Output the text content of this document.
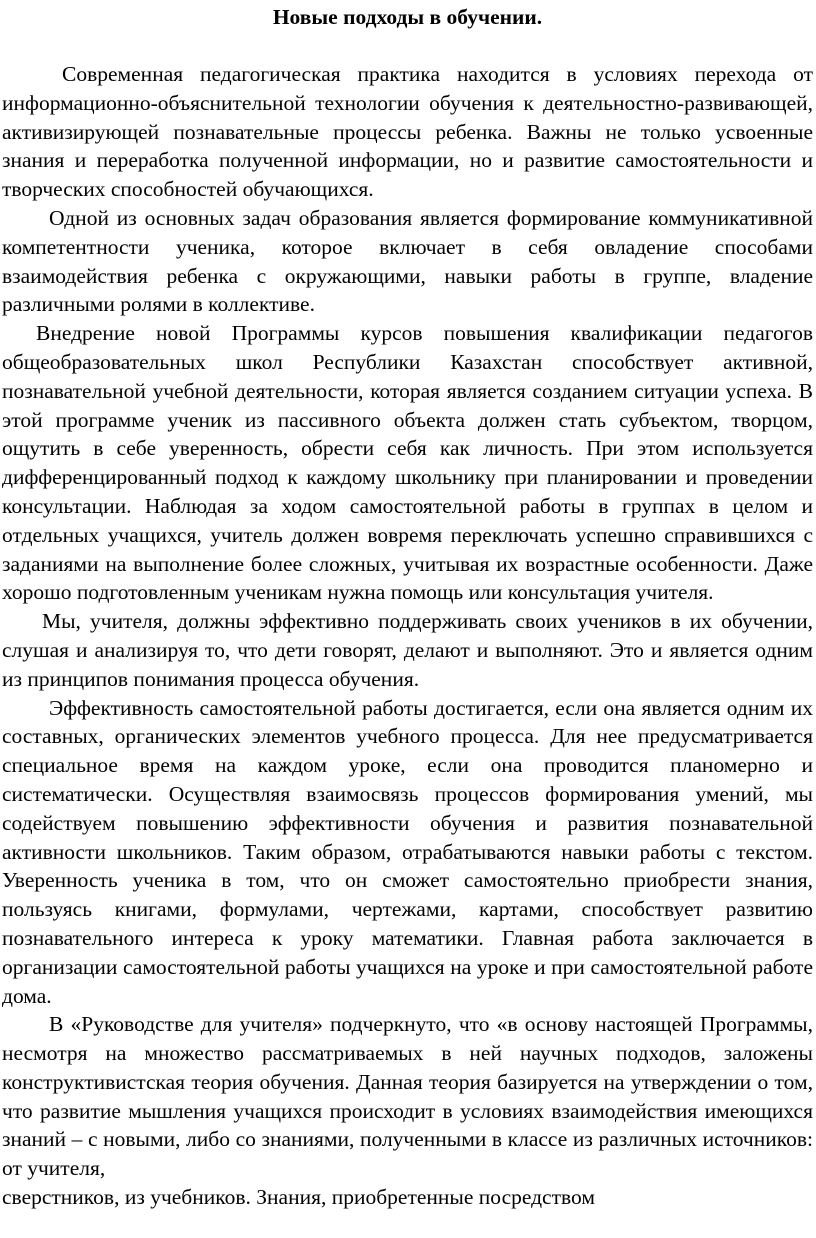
Новые подходы в обучении.

Современная педагогическая практика находится в условиях перехода от информационно-объяснительной технологии обучения к деятельностно-развивающей, активизирующей познавательные процессы ребенка. Важны не только усвоенные знания и переработка полученной информации, но и развитие самостоятельности и творческих способностей обучающихся.

Одной из основных задач образования является формирование коммуникативной компетентности ученика, которое включает в себя овладение способами взаимодействия ребенка с окружающими, навыки работы в группе, владение различными ролями в коллективе.

Внедрение новой Программы курсов повышения квалификации педагогов общеобразовательных школ Республики Казахстан способствует активной, познавательной учебной деятельности, которая является созданием ситуации успеха. В этой программе ученик из пассивного объекта должен стать субъектом, творцом, ощутить в себе уверенность, обрести себя как личность. При этом используется дифференцированный подход к каждому школьнику при планировании и проведении консультации. Наблюдая за ходом самостоятельной работы в группах в целом и отдельных учащихся, учитель должен вовремя переключать успешно справившихся с заданиями на выполнение более сложных, учитывая их возрастные особенности. Даже хорошо подготовленным ученикам нужна помощь или консультация учителя.

Мы, учителя, должны эффективно поддерживать своих учеников в их обучении, слушая и анализируя то, что дети говорят, делают и выполняют. Это и является одним из принципов понимания процесса обучения.

Эффективность самостоятельной работы достигается, если она является одним их составных, органических элементов учебного процесса. Для нее предусматривается специальное время на каждом уроке, если она проводится планомерно и систематически. Осуществляя взаимосвязь процессов формирования умений, мы содействуем повышению эффективности обучения и развития познавательной активности школьников. Таким образом, отрабатываются навыки работы с текстом. Уверенность ученика в том, что он сможет самостоятельно приобрести знания, пользуясь книгами, формулами, чертежами, картами, способствует развитию познавательного интереса к уроку математики. Главная работа заключается в организации самостоятельной работы учащихся на уроке и при самостоятельной работе дома.

В «Руководстве для учителя» подчеркнуто, что «в основу настоящей Программы, несмотря на множество рассматриваемых в ней научных подходов, заложены конструктивистская теория обучения. Данная теория базируется на утверждении о том, что развитие мышления учащихся происходит в условиях взаимодействия имеющихся знаний – с новыми, либо со знаниями, полученными в классе из различных источников: от учителя,

сверстников, из учебников. Знания, приобретенные посредством
